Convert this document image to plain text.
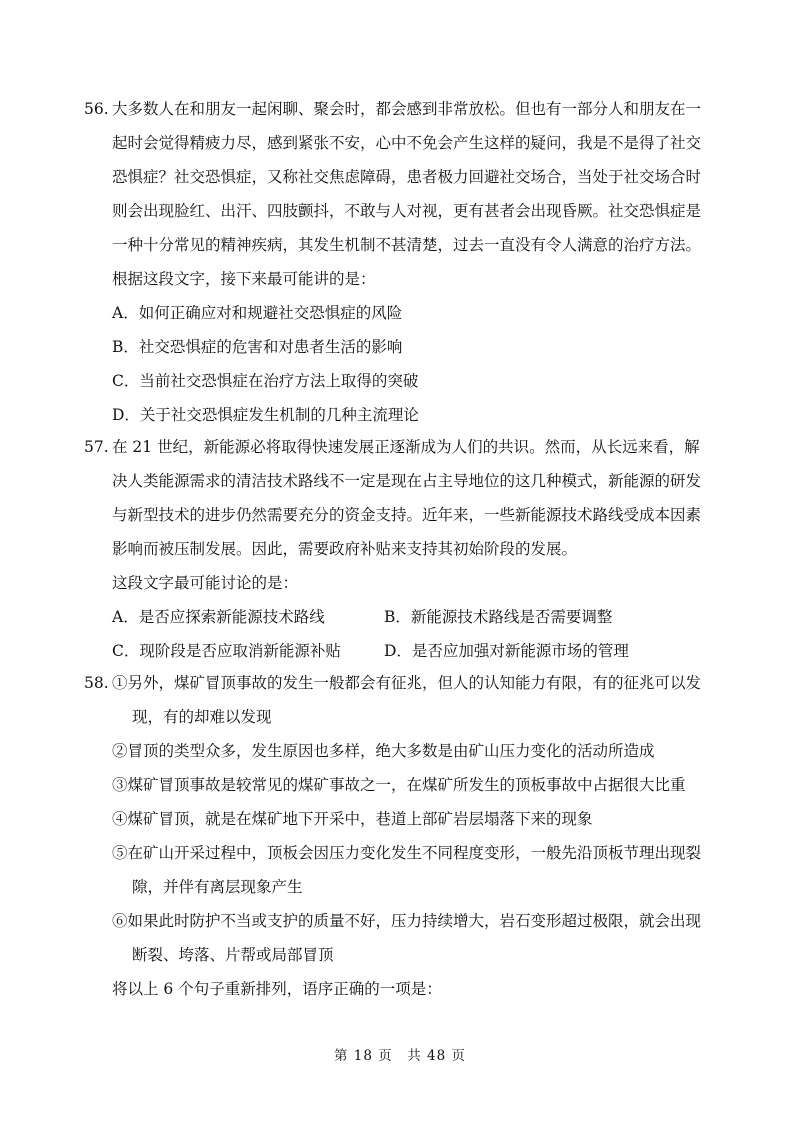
56. 大多数人在和朋友一起闲聊、聚会时，都会感到非常放松。但也有一部分人和朋友在一
起时会觉得精疲力尽，感到紧张不安，心中不免会产生这样的疑问，我是不是得了社交
恐惧症？社交恐惧症，又称社交焦虑障碍，患者极力回避社交场合，当处于社交场合时
则会出现脸红、出汗、四肢颤抖，不敢与人对视，更有甚者会出现昏厥。社交恐惧症是
一种十分常见的精神疾病，其发生机制不甚清楚，过去一直没有令人满意的治疗方法。
根据这段文字，接下来最可能讲的是：
A．如何正确应对和规避社交恐惧症的风险
B．社交恐惧症的危害和对患者生活的影响
C．当前社交恐惧症在治疗方法上取得的突破
D．关于社交恐惧症发生机制的几种主流理论
57. 在 21 世纪，新能源必将取得快速发展正逐渐成为人们的共识。然而，从长远来看，解
决人类能源需求的清洁技术路线不一定是现在占主导地位的这几种模式，新能源的研发
与新型技术的进步仍然需要充分的资金支持。近年来，一些新能源技术路线受成本因素
影响而被压制发展。因此，需要政府补贴来支持其初始阶段的发展。
这段文字最可能讨论的是：
A．是否应探索新能源技术路线	B．新能源技术路线是否需要调整
C．现阶段是否应取消新能源补贴	D．是否应加强对新能源市场的管理
58. ①另外，煤矿冒顶事故的发生一般都会有征兆，但人的认知能力有限，有的征兆可以发
现，有的却难以发现
②冒顶的类型众多，发生原因也多样，绝大多数是由矿山压力变化的活动所造成
③煤矿冒顶事故是较常见的煤矿事故之一，在煤矿所发生的顶板事故中占据很大比重
④煤矿冒顶，就是在煤矿地下开采中，巷道上部矿岩层塌落下来的现象
⑤在矿山开采过程中，顶板会因压力变化发生不同程度变形，一般先沿顶板节理出现裂
隙，并伴有离层现象产生
⑥如果此时防护不当或支护的质量不好，压力持续增大，岩石变形超过极限，就会出现
断裂、垮落、片帮或局部冒顶
将以上 6 个句子重新排列，语序正确的一项是：
第 18 页　共 48 页
